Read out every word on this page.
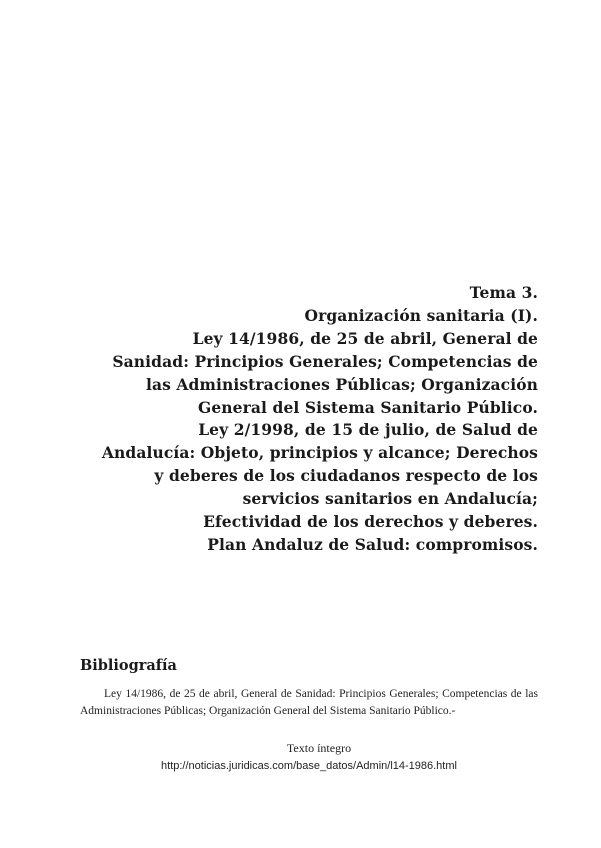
Tema 3.
Organización sanitaria (I).
Ley 14/1986, de 25 de abril, General de
Sanidad: Principios Generales; Competencias de
las Administraciones Públicas; Organización
General del Sistema Sanitario Público.
Ley 2/1998, de 15 de julio, de Salud de
Andalucía: Objeto, principios y alcance; Derechos
y deberes de los ciudadanos respecto de los
servicios sanitarios en Andalucía;
Efectividad de los derechos y deberes.
Plan Andaluz de Salud: compromisos.
Bibliografía
Ley 14/1986, de 25 de abril, General de Sanidad: Principios Generales; Competencias de las Administraciones Públicas; Organización General del Sistema Sanitario Público.-
Texto íntegro
http://noticias.juridicas.com/base_datos/Admin/l14-1986.html
